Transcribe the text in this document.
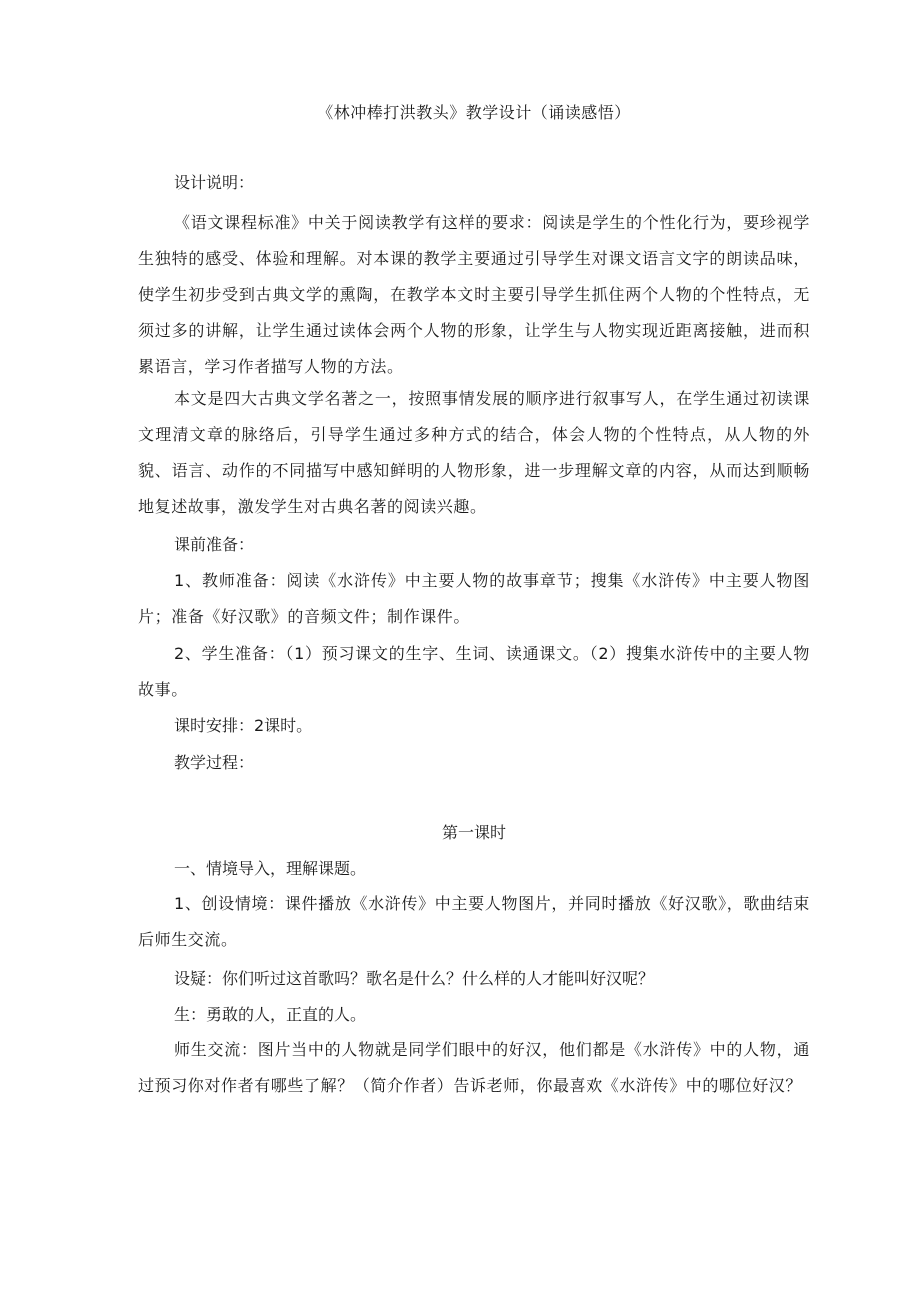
《林冲棒打洪教头》教学设计（诵读感悟）
设计说明：
《语文课程标准》中关于阅读教学有这样的要求：阅读是学生的个性化行为，要珍视学生独特的感受、体验和理解。对本课的教学主要通过引导学生对课文语言文字的朗读品味，使学生初步受到古典文学的熏陶，在教学本文时主要引导学生抓住两个人物的个性特点，无须过多的讲解，让学生通过读体会两个人物的形象，让学生与人物实现近距离接触，进而积累语言，学习作者描写人物的方法。
本文是四大古典文学名著之一，按照事情发展的顺序进行叙事写人，在学生通过初读课文理清文章的脉络后，引导学生通过多种方式的结合，体会人物的个性特点，从人物的外貌、语言、动作的不同描写中感知鲜明的人物形象，进一步理解文章的内容，从而达到顺畅地复述故事，激发学生对古典名著的阅读兴趣。
课前准备：
1、教师准备：阅读《水浒传》中主要人物的故事章节；搜集《水浒传》中主要人物图片；准备《好汉歌》的音频文件；制作课件。
2、学生准备：（1）预习课文的生字、生词、读通课文。（2）搜集水浒传中的主要人物故事。
课时安排：2课时。
教学过程：
第一课时
一、情境导入，理解课题。
1、创设情境：课件播放《水浒传》中主要人物图片，并同时播放《好汉歌》，歌曲结束后师生交流。
设疑：你们听过这首歌吗？歌名是什么？什么样的人才能叫好汉呢？
生：勇敢的人，正直的人。
师生交流：图片当中的人物就是同学们眼中的好汉，他们都是《水浒传》中的人物，通过预习你对作者有哪些了解？（简介作者）告诉老师，你最喜欢《水浒传》中的哪位好汉？
